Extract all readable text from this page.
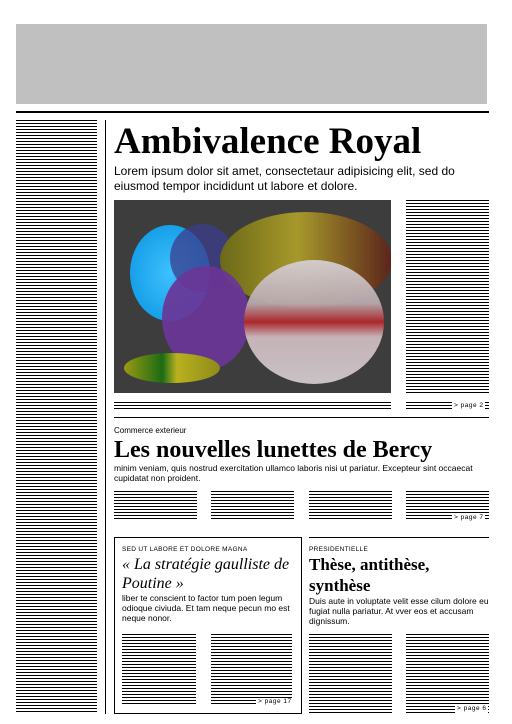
Ambivalence Royal
Lorem ipsum dolor sit amet, consectetaur adipisicing elit, sed do eiusmod tempor incididunt ut labore et dolore.
> page 2
Commerce exterieur
Les nouvelles lunettes de Bercy
minim veniam, quis nostrud exercitation ullamco laboris nisi ut pariatur. Excepteur sint occaecat cupidatat non proident.
> page 7
SED UT LABORE ET DOLORE MAGNA
« La stratégie gaulliste de Poutine »
liber te conscient to factor tum poen legum odioque civiuda. Et tam neque pecun mo est neque nonor.
> page 17
PRESIDENTIELLE
Thèse, antithèse, synthèse
Duis aute in voluptate velit esse cilum dolore eu fugiat nulla pariatur. At vver eos et accusam dignissum.
> page 6
